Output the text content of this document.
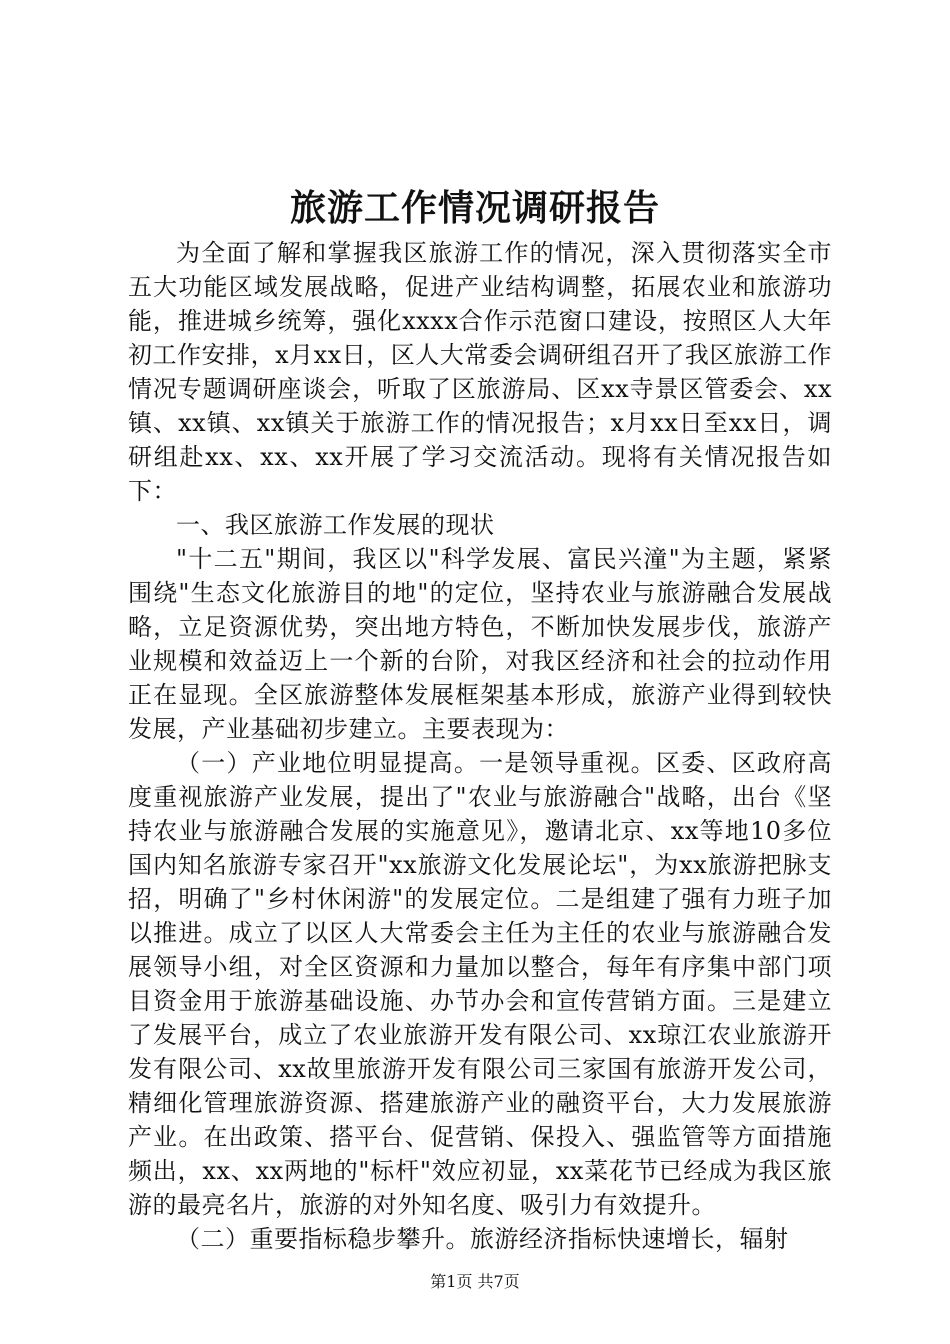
旅游工作情况调研报告

为全面了解和掌握我区旅游工作的情况，深入贯彻落实全市五大功能区域发展战略，促进产业结构调整，拓展农业和旅游功能，推进城乡统筹，强化xxxx合作示范窗口建设，按照区人大年初工作安排，x月xx日，区人大常委会调研组召开了我区旅游工作情况专题调研座谈会，听取了区旅游局、区xx寺景区管委会、xx镇、xx镇、xx镇关于旅游工作的情况报告；x月xx日至xx日，调研组赴xx、xx、xx开展了学习交流活动。现将有关情况报告如下：

一、我区旅游工作发展的现状

"十二五"期间，我区以"科学发展、富民兴潼"为主题，紧紧围绕"生态文化旅游目的地"的定位，坚持农业与旅游融合发展战略，立足资源优势，突出地方特色，不断加快发展步伐，旅游产业规模和效益迈上一个新的台阶，对我区经济和社会的拉动作用正在显现。全区旅游整体发展框架基本形成，旅游产业得到较快发展，产业基础初步建立。主要表现为：

（一）产业地位明显提高。一是领导重视。区委、区政府高度重视旅游产业发展，提出了"农业与旅游融合"战略，出台《坚持农业与旅游融合发展的实施意见》，邀请北京、xx等地10多位国内知名旅游专家召开"xx旅游文化发展论坛"，为xx旅游把脉支招，明确了"乡村休闲游"的发展定位。二是组建了强有力班子加以推进。成立了以区人大常委会主任为主任的农业与旅游融合发展领导小组，对全区资源和力量加以整合，每年有序集中部门项目资金用于旅游基础设施、办节办会和宣传营销方面。三是建立了发展平台，成立了农业旅游开发有限公司、xx琼江农业旅游开发有限公司、xx故里旅游开发有限公司三家国有旅游开发公司，精细化管理旅游资源、搭建旅游产业的融资平台，大力发展旅游产业。在出政策、搭平台、促营销、保投入、强监管等方面措施频出，xx、xx两地的"标杆"效应初显，xx菜花节已经成为我区旅游的最亮名片，旅游的对外知名度、吸引力有效提升。

（二）重要指标稳步攀升。旅游经济指标快速增长，辐射

第1页 共7页
